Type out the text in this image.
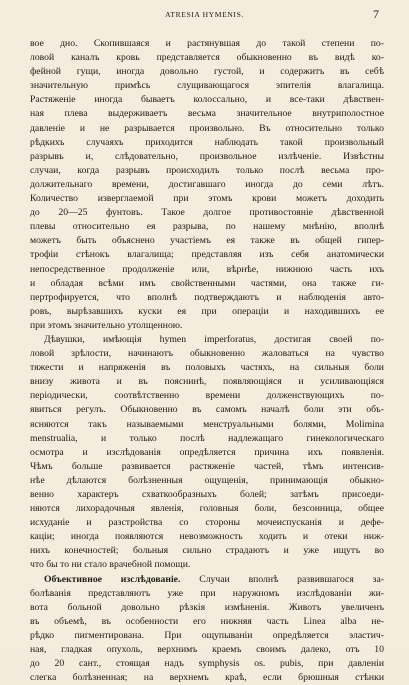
ATRESIA HYMENIS.	7
вое дно. Скопившаяся и растянувшая до такой степени по-
ловой каналъ кровь представляется обыкновенно въ видѣ ко-
фейной гущи, иногда довольно густой, и содержитъ въ себѣ
значительную примѣсь слущивающагося эпителія влагалища.
Растяженіе иногда бываетъ колоссально, и все-таки дѣвствен-
ная плева выдерживаетъ весьма значительное внутриполостное
давленіе и не разрывается произвольно. Въ относительно только
рѣдкихъ случаяхъ приходится наблюдать такой произвольный
разрывъ и, слѣдовательно, произвольное излѣченіе. Извѣстны
случаи, когда разрывъ происходилъ только послѣ весьма про-
должительнаго времени, достигавшаго иногда до семи лѣтъ.
Количество изверглаемой при этомъ крови можетъ доходить
до 20—25 фунтовъ. Такое долгое противостояніе дѣвственной
плевы относительно ея разрыва, по нашему мнѣнію, вполнѣ
можетъ быть объяснено участіемъ ея также въ общей гипер-
трофіи стѣнокъ влагалища; представляя изъ себя анатомически
непосредственное продолженіе или, вѣрнѣе, нижнюю часть ихъ
и обладая всѣми имъ свойственными частями, она также ги-
пертрофируется, что вполнѣ подтверждаютъ и наблюденія авто-
ровъ, вырѣзавшихъ куски ея при операціи и находившихъ ее
при этомъ значительно утолщенною.
Дѣвушки, имѣющія hymen imperforatus, достигая своей по-
ловой зрѣлости, начинаютъ обыкновенно жаловаться на чувство
тяжести и напряженія въ половыхъ частяхъ, на сильныя боли
внизу живота и въ пояснинѣ, появляющіяся и усиливающіяся
періодически, соотвѣтственно времени долженствующихъ по-
явиться регулъ. Обыкновенно въ самомъ началѣ боли эти объ-
ясняются такъ называемыми менструальными болями, Molimina
menstrualia, и только послѣ надлежащаго гинекологическаго
осмотра и изслѣдованія опредѣляется причина ихъ появленія.
Чѣмъ больше развивается растяженіе частей, тѣмъ интенсив-
нѣе дѣлаются болѣзненныя ощущенія, принимающія обыкно-
венно характеръ схваткообразныхъ болей; затѣмъ присоеди-
няются лихорадочныя явленія, головныя боли, безсонница, общее
исхуданіе и разстройства со стороны мочеиспусканія и дефе-
каціи; иногда появляются невозможность ходить и отеки ниж-
нихъ конечностей; больныя сильно страдаютъ и уже ищутъ во
что бы то ни стало врачебной помощи.
Объективное изслѣдованіе. Случаи вполнѣ развившагося за-
болѣванія представляютъ уже при наружномъ изслѣдованіи жи-
вота больной довольно рѣзкія измѣненія. Животъ увеличенъ
въ объемѣ, въ особенности его нижняя часть Linea alba не-
рѣдко пигментирована. При ощупываніи опредѣляется эластич-
ная, гладкая опухоль, верхнимъ краемъ своимъ далеко, отъ 10
до 20 сант., стоящая надъ symphysis os. pubis, при давленіи
слегка болѣзненная; на верхнемъ краѣ, если брюшныя стѣнки
